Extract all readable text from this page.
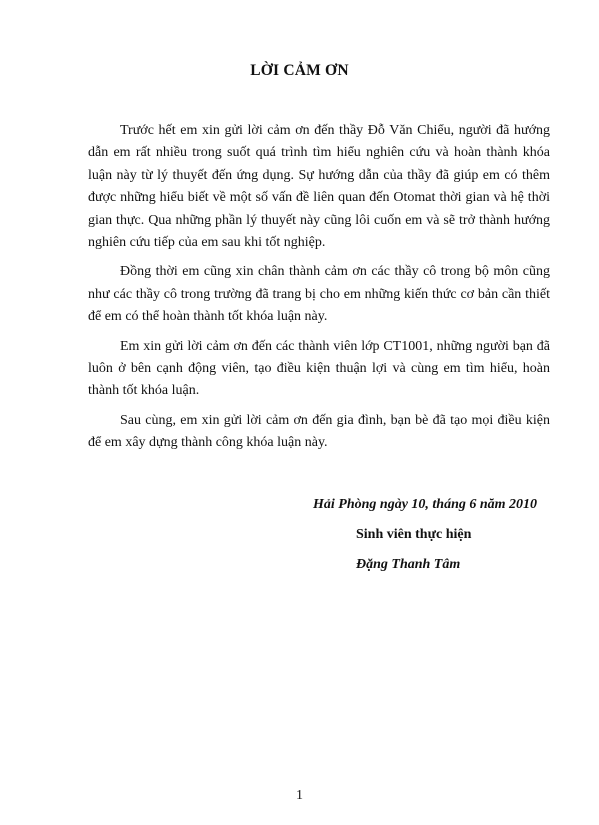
LỜI CẢM ƠN

Trước hết em xin gửi lời cảm ơn đến thầy Đỗ Văn Chiểu, người đã hướng dẫn em rất nhiều trong suốt quá trình tìm hiểu nghiên cứu và hoàn thành khóa luận này từ lý thuyết đến ứng dụng. Sự hướng dẫn của thầy đã giúp em có thêm được những hiểu biết về một số vấn đề liên quan đến Otomat thời gian và hệ thời gian thực. Qua những phần lý thuyết này cũng lôi cuốn em và sẽ trở thành hướng nghiên cứu tiếp của em sau khi tốt nghiệp.

Đồng thời em cũng xin chân thành cảm ơn các thầy cô trong bộ môn cũng như các thầy cô trong trường đã trang bị cho em những kiến thức cơ bản cần thiết để em có thể hoàn thành tốt khóa luận này.

Em xin gửi lời cảm ơn đến các thành viên lớp CT1001, những người bạn đã luôn ở bên cạnh động viên, tạo điều kiện thuận lợi và cùng em tìm hiểu, hoàn thành tốt khóa luận.

Sau cùng, em xin gửi lời cảm ơn đến gia đình, bạn bè đã tạo mọi điều kiện để em xây dựng thành công khóa luận này.

Hải Phòng ngày 10, tháng 6 năm 2010
Sinh viên thực hiện
Đặng Thanh Tâm
1
